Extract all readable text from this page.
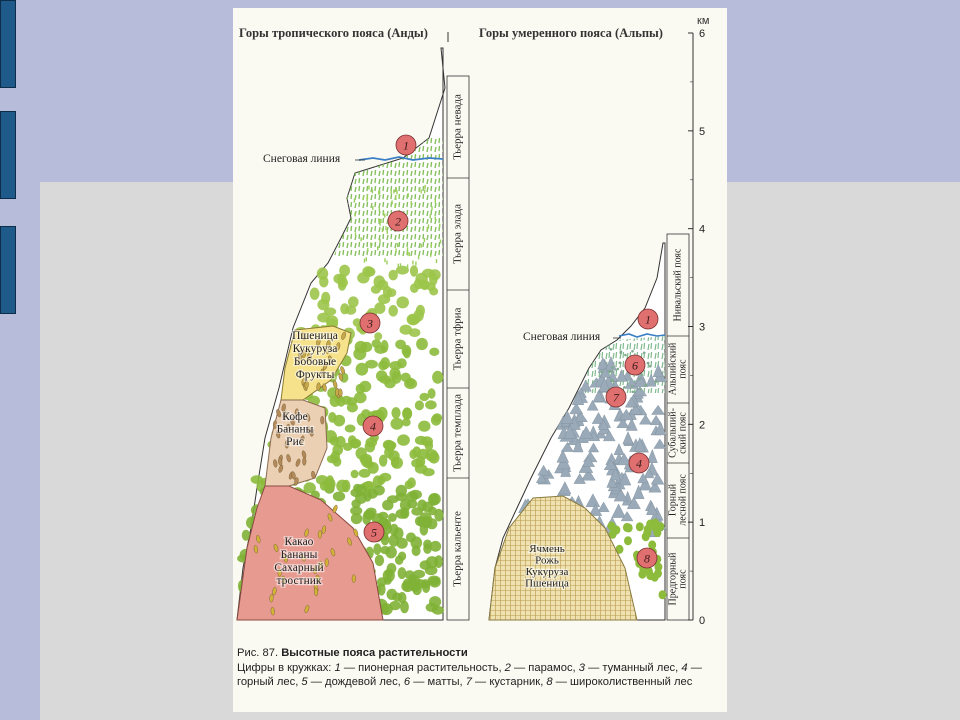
6
5
4
3
2
1
0
км
Горы тропического пояса (Анды)	Горы умеренного пояса (Альпы)
Снеговая линия
Снеговая линия
Тьерра невада
Тьерра элада
Тьерра тфриа
Тьерра темплада
Тьерра кальенте
Нивальский пояс
Альпийский пояс
Субальпий- ский пояс
Горный лесной пояс
Предгорный пояс
Пшеница
Кукуруза
Бобовые
Фрукты
Кофе
Бананы
Рис
Какао
Бананы
Сахарный
тростник
Ячмень
Рожь
Кукуруза
Пшеница
1
2
3
4
5
1
6
7
4
8
Рис. 87. Высотные пояса растительности
Цифры в кружках: 1 — пионерная растительность, 2 — парамос, 3 — туманный лес, 4 — горный лес, 5 — дождевой лес, 6 — матты, 7 — кустарник, 8 — широколиственный лес
